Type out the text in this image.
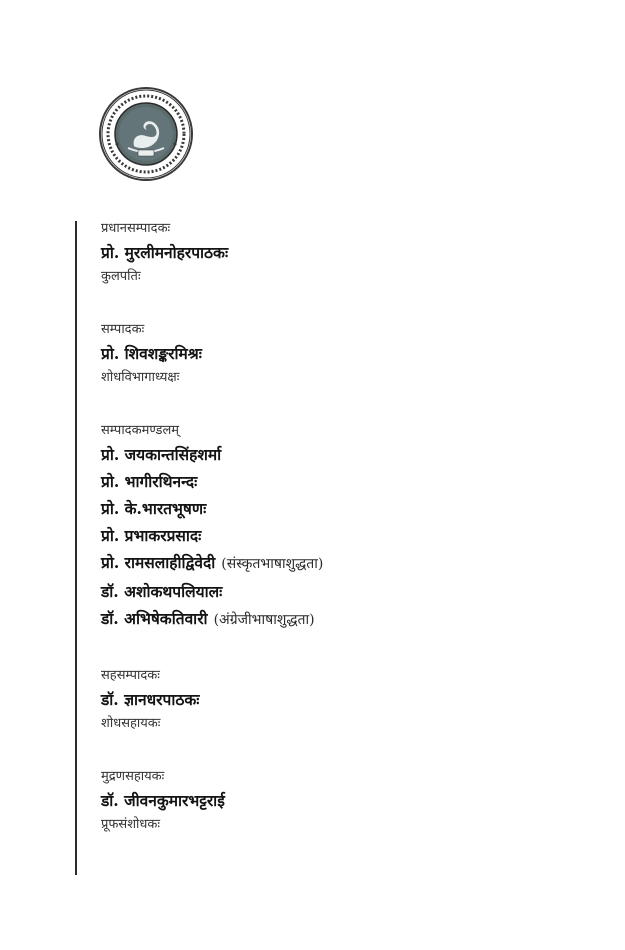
प्रधानसम्पादकः
प्रो. मुरलीमनोहरपाठकः
कुलपतिः
सम्पादकः
प्रो. शिवशङ्करमिश्रः
शोधविभागाध्यक्षः
सम्पादकमण्डलम्
प्रो. जयकान्तसिंहशर्मा
प्रो. भागीरथिनन्दः
प्रो. के.भारतभूषणः
प्रो. प्रभाकरप्रसादः
प्रो. रामसलाहीद्विवेदी (संस्कृतभाषाशुद्धता)
डॉ. अशोकथपलियालः
डॉ. अभिषेकतिवारी (अंग्रेजीभाषाशुद्धता)
सहसम्पादकः
डॉ. ज्ञानधरपाठकः
शोधसहायकः
मुद्रणसहायकः
डॉ. जीवनकुमारभट्टराई
प्रूफसंशोधकः
